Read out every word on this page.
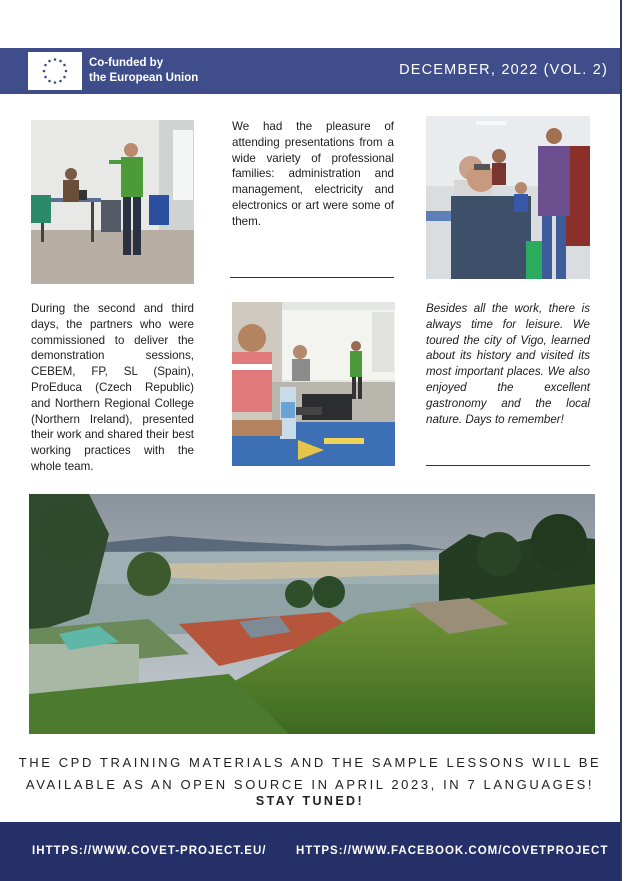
Co-funded by
the European Union	DECEMBER, 2022 (VOL. 2)
We had the pleasure of attending presentations from a wide variety of professional families: administration and management, electricity and electronics or art were some of them.
During the second and third days, the partners who were commissioned to deliver the demonstration sessions, CEBEM, FP, SL (Spain), ProEduca (Czech Republic) and Northern Regional College (Northern Ireland), presented their work and shared their best working practices with the whole team.
Besides all the work, there is always time for leisure. We toured the city of Vigo, learned about its history and visited its most important places. We also enjoyed the excellent gastronomy and the local nature. Days to remember!
THE CPD TRAINING MATERIALS AND THE SAMPLE LESSONS WILL BE
AVAILABLE AS AN OPEN SOURCE IN APRIL 2023, IN 7 LANGUAGES!
STAY TUNED!
IHTTPS://WWW.COVET-PROJECT.EU/	HTTPS://WWW.FACEBOOK.COM/COVETPROJECT
